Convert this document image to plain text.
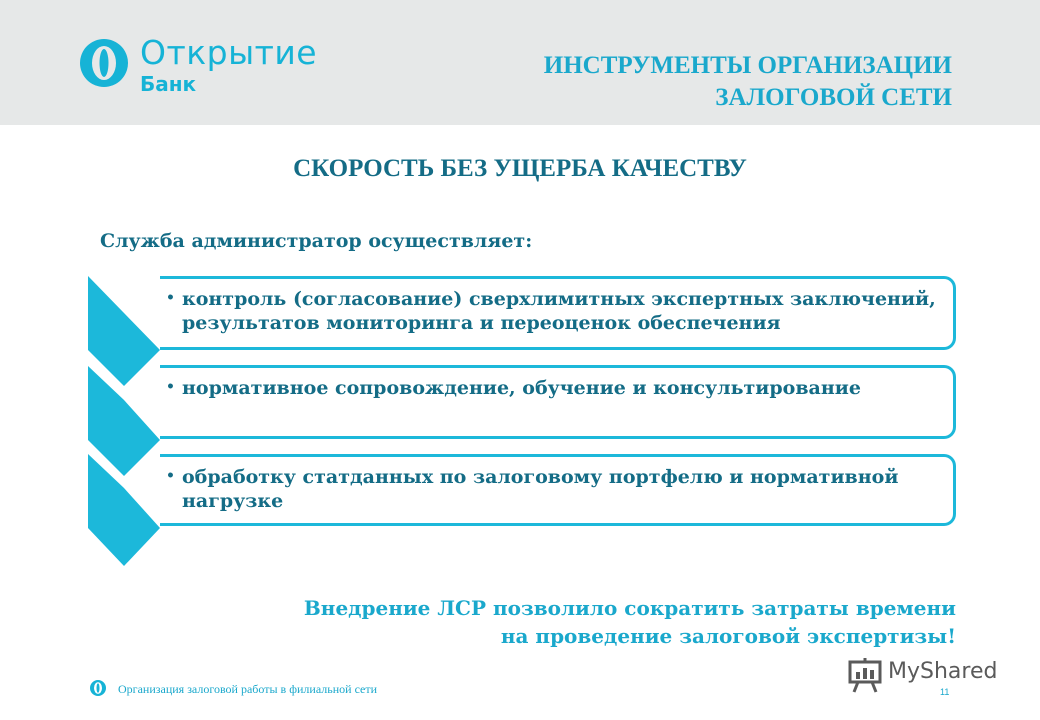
Открытие
Банк
ИНСТРУМЕНТЫ ОРГАНИЗАЦИИ
ЗАЛОГОВОЙ СЕТИ
СКОРОСТЬ БЕЗ УЩЕРБА КАЧЕСТВУ
Служба администратор осуществляет:
• контроль (согласование) сверхлимитных экспертных заключений, результатов мониторинга и переоценок обеспечения
• нормативное сопровождение, обучение и консультирование
• обработку статданных по залоговому портфелю и нормативной нагрузке
Внедрение ЛСР позволило сократить затраты времени
на проведение залоговой экспертизы!
Организация залоговой работы в филиальной сети	11
MyShared
